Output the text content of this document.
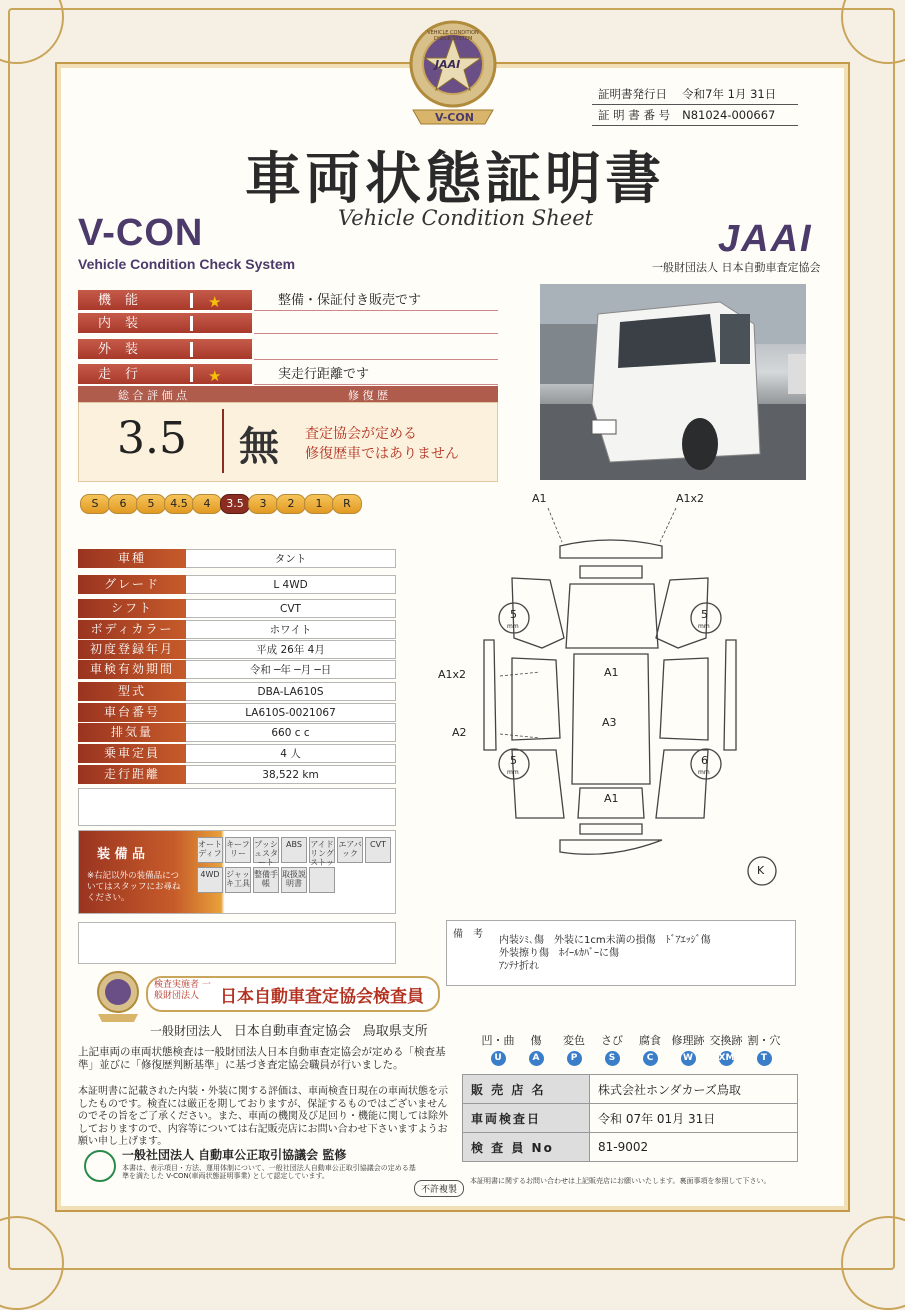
JAAI
VEHICLE CONDITION CHECK SYSTEM
V-CON
証明書発行日	令和7年 1月 31日
証 明 書 番 号	N81024-000667
車両状態証明書
Vehicle Condition Sheet
V-CON
Vehicle Condition Check System
JAAI
一般財団法人 日本自動車査定協会
機能	★	整備・保証付き販売です
内装
外装
走行	★	実走行距離です
総 合 評 価 点	修 復 歴
3.5 無 査定協会が定める
修復歴車ではありません
S	6	5	4.5	4	3.5	3	2	1	R
車種	タント
グレード	L 4WD
シフト	CVT
ボディカラー	ホワイト
初度登録年月	平成 26年 4月
車検有効期間	令和 ─年 ─月 ─日
型式	DBA-LA610S
車台番号	LA610S-0021067
排気量	660 c c
乗車定員	4 人
走行距離	38,522 km
装 備 品
※右記以外の装備品についてはスタッフにお尋ねください。
オートディフ
キーフリー
プッシュスタート
ABS	アイドリングストッ
エアバック
CVT
4WD ジャッキ工具
整備手帳
取扱説明書
A1	A1x2
A1x2
A2
A1
A3
A1
5	5
5	6
mm	mm
mm	mm
K
備　考
内装ｼﾐ､傷　外装に1cm未満の損傷　ﾄﾞｱｴｯｼﾞ傷
外装擦り傷　ﾎｲｰﾙｶﾊﾞｰに傷
ｱﾝﾃﾅ折れ
検査実施者 一般財団法人	日本自動車査定協会検査員
一般財団法人 日本自動車査定協会 鳥取県支所
上記車両の車両状態検査は一般財団法人日本自動車査定協会が定める「検査基準」並びに「修復歴判断基準」に基づき査定協会職員が行いました。
本証明書に記載された内装・外装に関する評価は、車両検査日現在の車両状態を示したものです。検査には厳正を期しておりますが、保証するものではございませんのでその旨をご了承ください。また、車両の機関及び足回り・機能に関しては除外しておりますので、内容等については右記販売店にお問い合わせ下さいますようお願い申し上げます。
一般社団法人 自動車公正取引協議会 監修
本書は、表示項目・方法、運用体制について、一般社団法人自動車公正取引協議会の定める基準を満たした V-CON(車両状態証明事業) として認定しています。
不許複製
凹・曲
U
傷
A
変色
P
さび
S
腐食
C
修理跡
W
交換跡
XM
割・穴
T
販 売 店 名	株式会社ホンダカーズ鳥取
車両検査日	令和 07年 01月 31日
検 査 員 No	81-9002
本証明書に関するお問い合わせは上記販売店にお願いいたします。裏面事項を参照して下さい。
